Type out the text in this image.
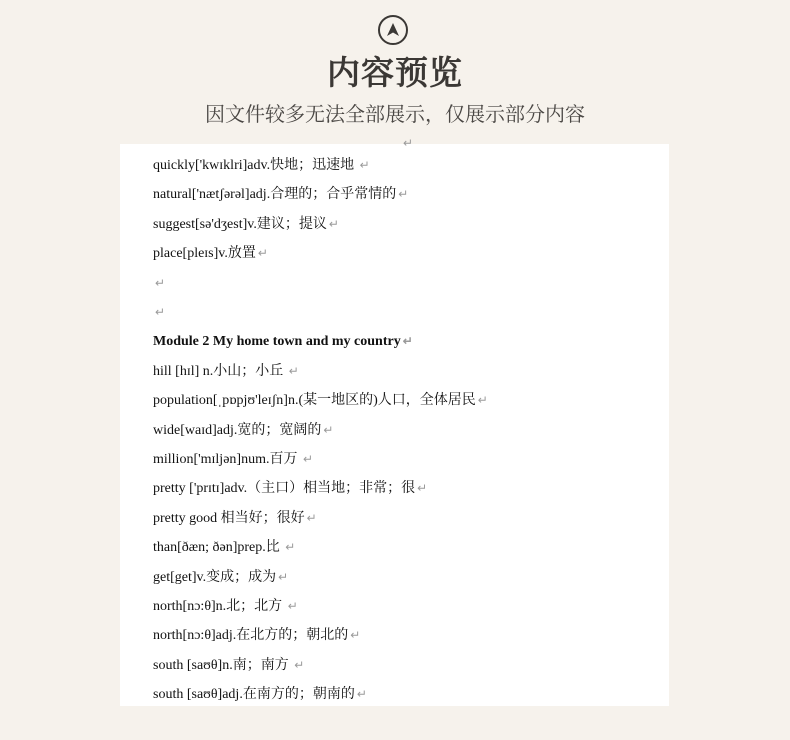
内容预览
因文件较多无法全部展示，仅展示部分内容
↵
quickly['kwɪklri]adv.快地；迅速地 ↵
natural['nætʃərəl]adj.合理的；合乎常情的 ↵
suggest[sə'dʒest]v.建议；提议 ↵
place[pleɪs]v.放置 ↵
↵
↵
Module 2 My home town and my country ↵
hill [hɪl] n.小山；小丘 ↵
population[ˌpɒpjʊ'leɪʃn]n.(某一地区的)人口，全体居民 ↵
wide[waɪd]adj.宽的；宽阔的 ↵
million['mɪljən]num.百万 ↵
pretty ['prɪtɪ]adv.（主口）相当地；非常；很 ↵
pretty good 相当好；很好 ↵
than[ðæn; ðən]prep.比 ↵
get[get]v.变成；成为 ↵
north[nɔ:θ]n.北；北方 ↵
north[nɔ:θ]adj.在北方的；朝北的 ↵
south [saʊθ]n.南；南方 ↵
south [saʊθ]adj.在南方的；朝南的 ↵
